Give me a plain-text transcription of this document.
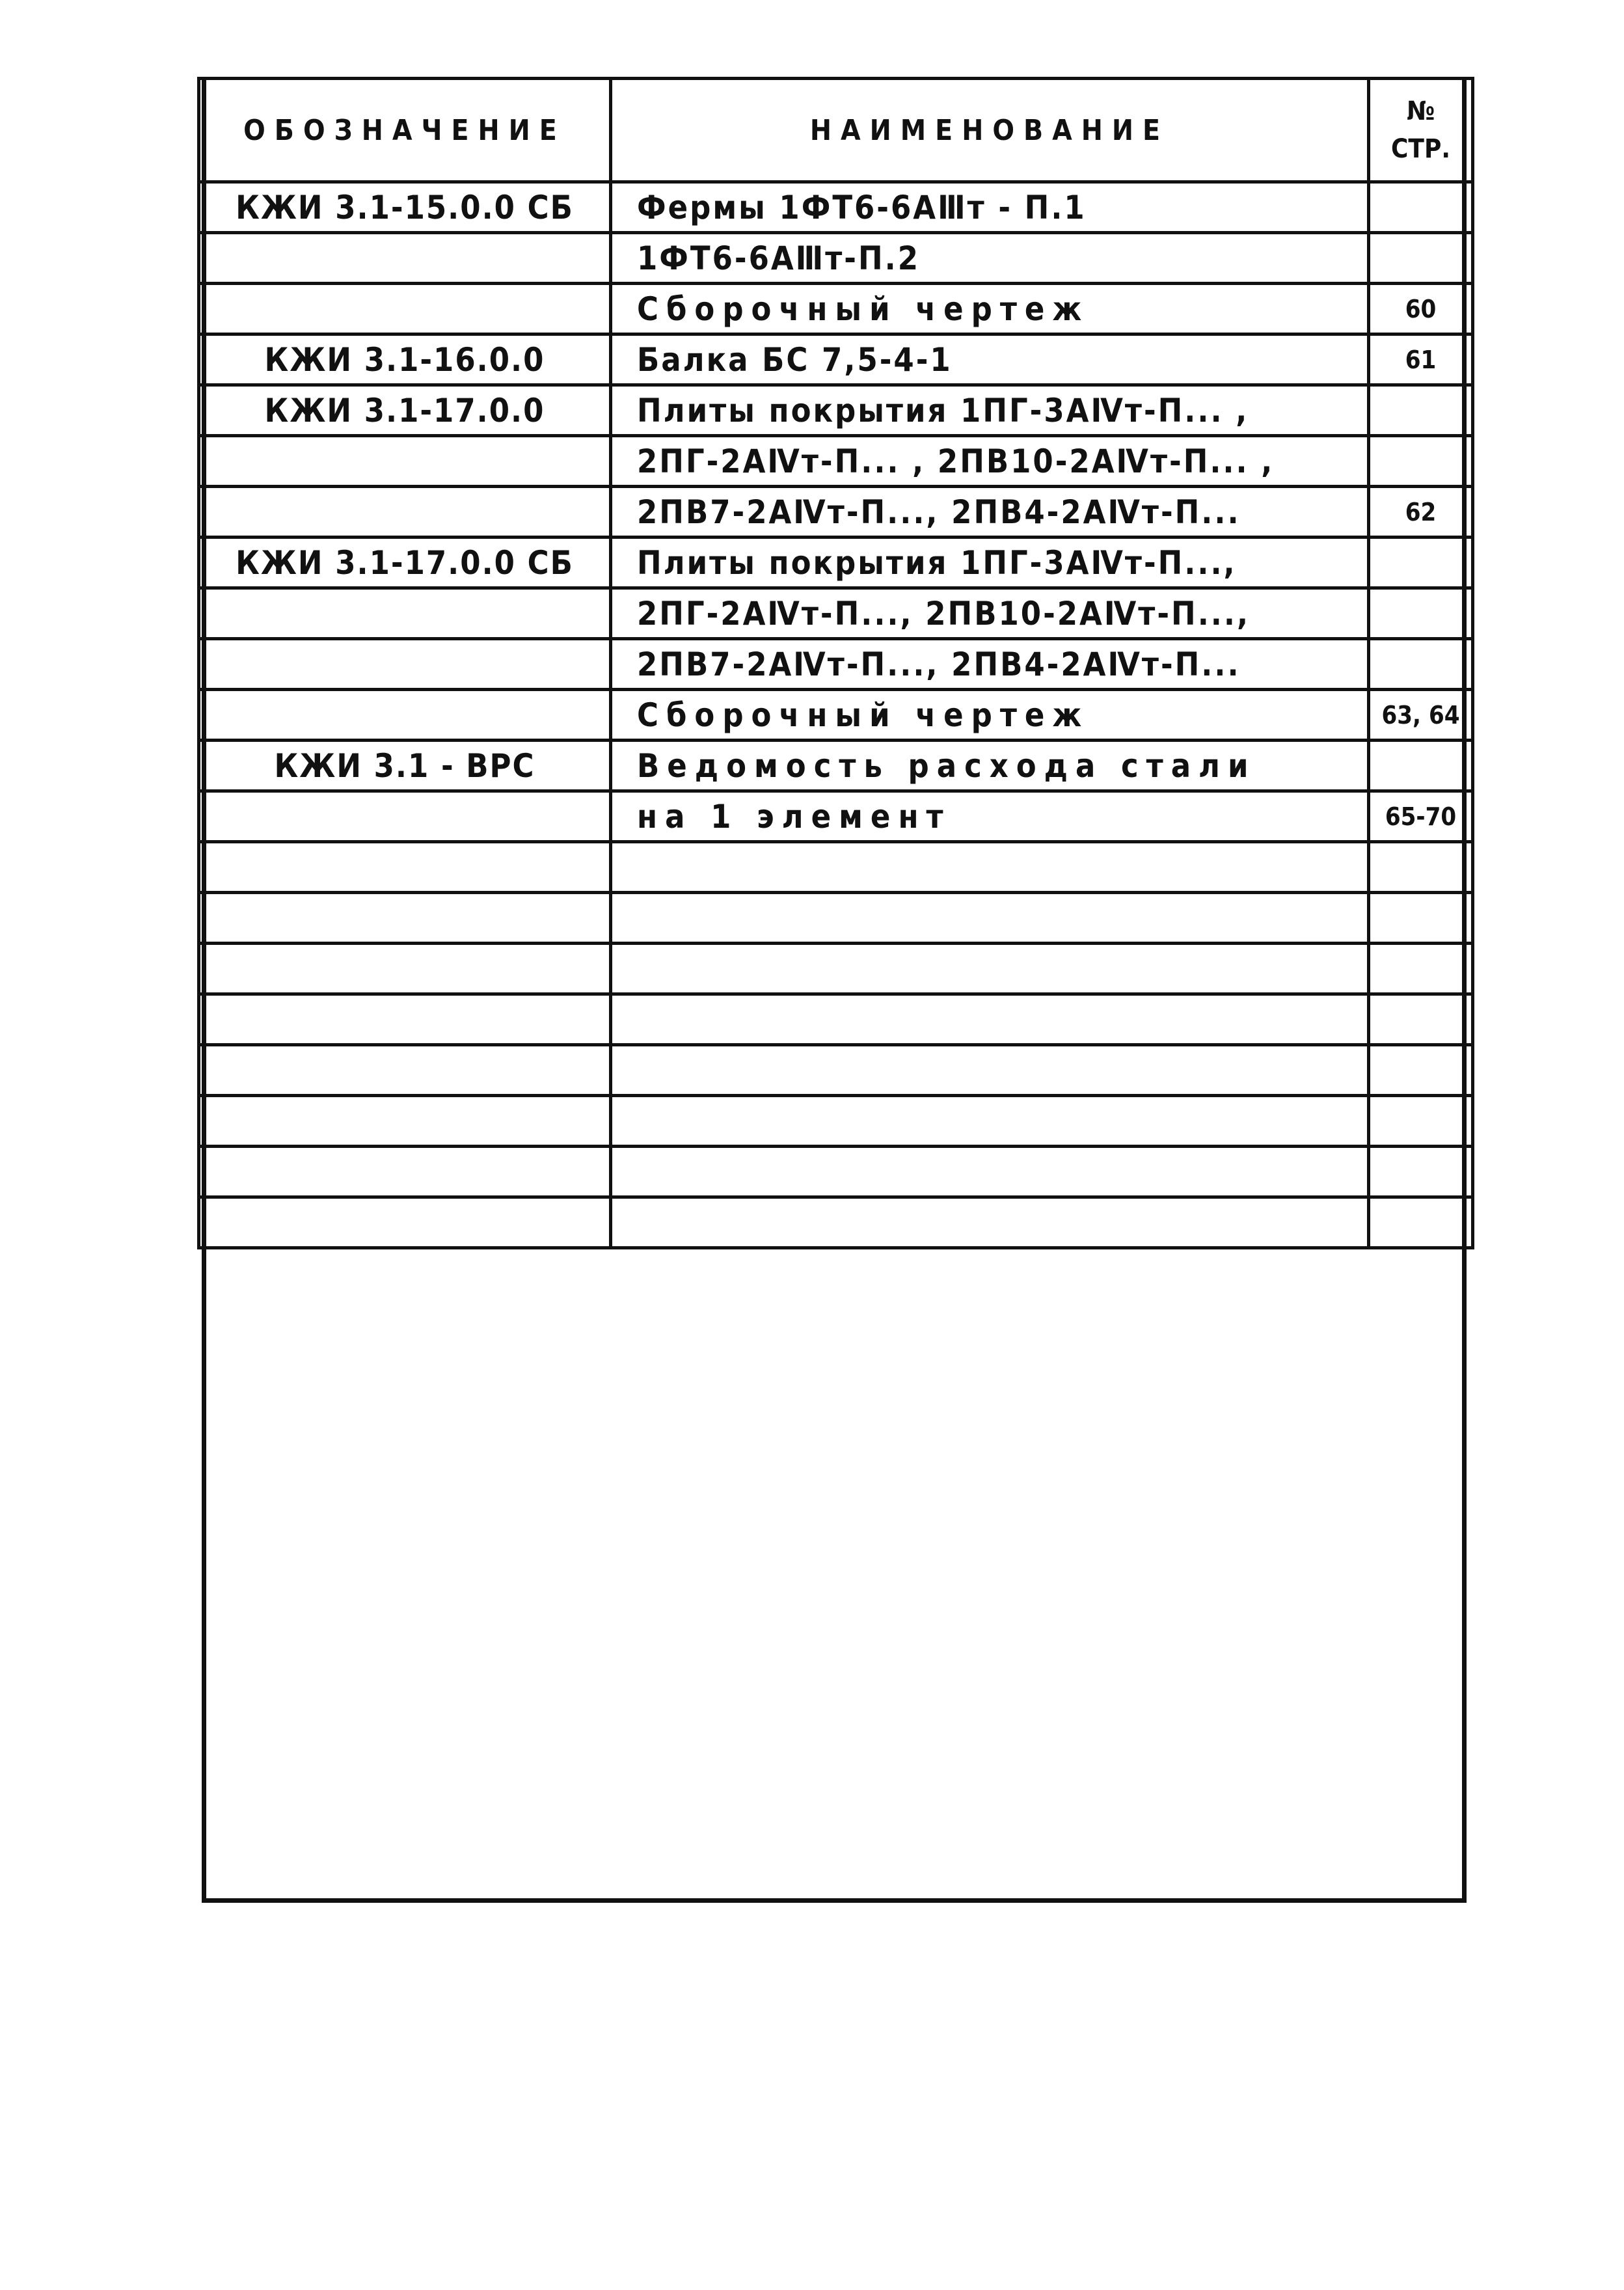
ОБОЗНАЧЕНИЕ	НАИМЕНОВАНИЕ	№
СТР.

КЖИ 3.1-15.0.0 СБ	Фермы 1ФТ6-6АⅢт - П.1	
	1ФТ6-6АⅢт-П.2	
	Сборочный чертеж	60
КЖИ 3.1-16.0.0	Балка БС 7,5-4-1	61
КЖИ 3.1-17.0.0	Плиты покрытия 1ПГ-3АⅣт-П... ,	
	2ПГ-2АⅣт-П... , 2ПВ10-2АⅣт-П... ,	
	2ПВ7-2АⅣт-П..., 2ПВ4-2АⅣт-П...	62
КЖИ 3.1-17.0.0 СБ	Плиты покрытия 1ПГ-3АⅣт-П...,	
	2ПГ-2АⅣт-П..., 2ПВ10-2АⅣт-П...,	
	2ПВ7-2АⅣт-П..., 2ПВ4-2АⅣт-П...	
	Сборочный чертеж	63, 64
КЖИ 3.1 - ВРС	Ведомость расхода стали	
	на 1 элемент	65-70
